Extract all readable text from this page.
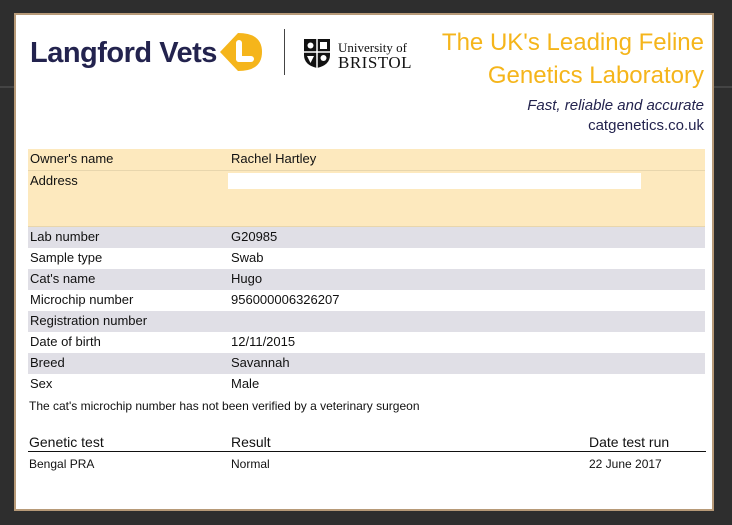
Langford Vets	University of
BRISTOL
The UK's Leading Feline
Genetics Laboratory
Fast, reliable and accurate
catgenetics.co.uk
Owner's name	Rachel Hartley
Address
Lab number	G20985
Sample type	Swab
Cat's name	Hugo
Microchip number	956000006326207
Registration number
Date of birth	12/11/2015
Breed	Savannah
Sex	Male
The cat's microchip number has not been verified by a veterinary surgeon
Genetic test	Result	Date test run
Bengal PRA	Normal	22 June 2017
